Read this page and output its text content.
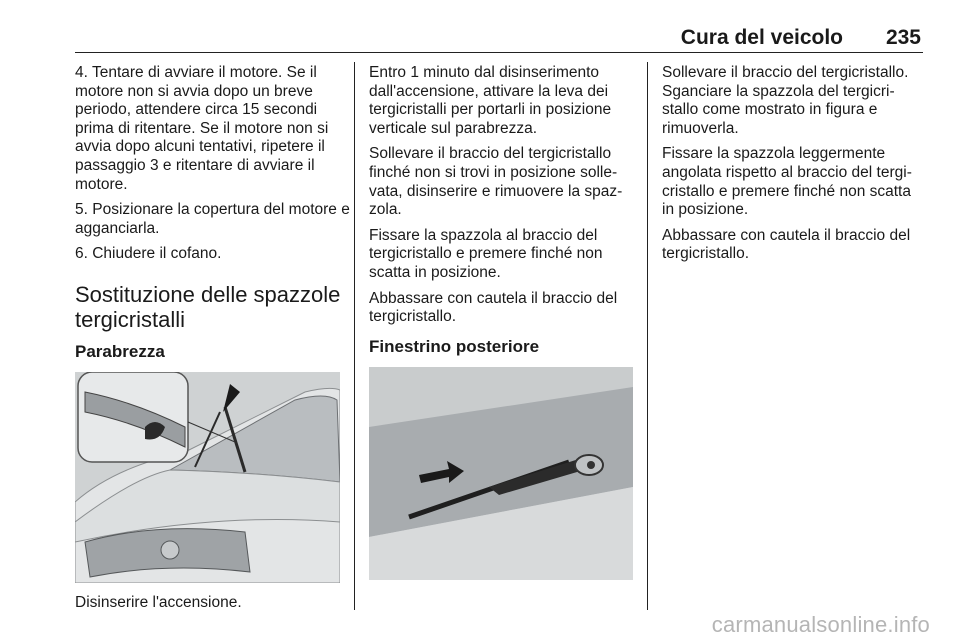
Cura del veicolo 235

4. Tentare di avviare il motore. Se il motore non si avvia dopo un breve periodo, attendere circa 15 secondi prima di ritentare. Se il motore non si avvia dopo alcuni tentativi, ripetere il passaggio 3 e ritentare di avviare il motore.

5. Posizionare la copertura del motore e agganciarla.

6. Chiudere il cofano.

Sostituzione delle spazzole tergicristalli
Parabrezza

Entro 1 minuto dal disinserimento dall'accensione, attivare la leva dei tergicristalli per portarli in posizione verticale sul parabrezza.

Sollevare il braccio del tergicristallo finché non si trovi in posizione solle-vata, disinserire e rimuovere la spaz-zola.

Fissare la spazzola al braccio del tergicristallo e premere finché non scatta in posizione.

Abbassare con cautela il braccio del tergicristallo.

Finestrino posteriore

Sollevare il braccio del tergicristallo. Sganciare la spazzola del tergicri-stallo come mostrato in figura e rimuoverla.

Fissare la spazzola leggermente angolata rispetto al braccio del tergi-cristallo e premere finché non scatta in posizione.

Abbassare con cautela il braccio del tergicristallo.

Disinserire l'accensione.
carmanualsonline.info
